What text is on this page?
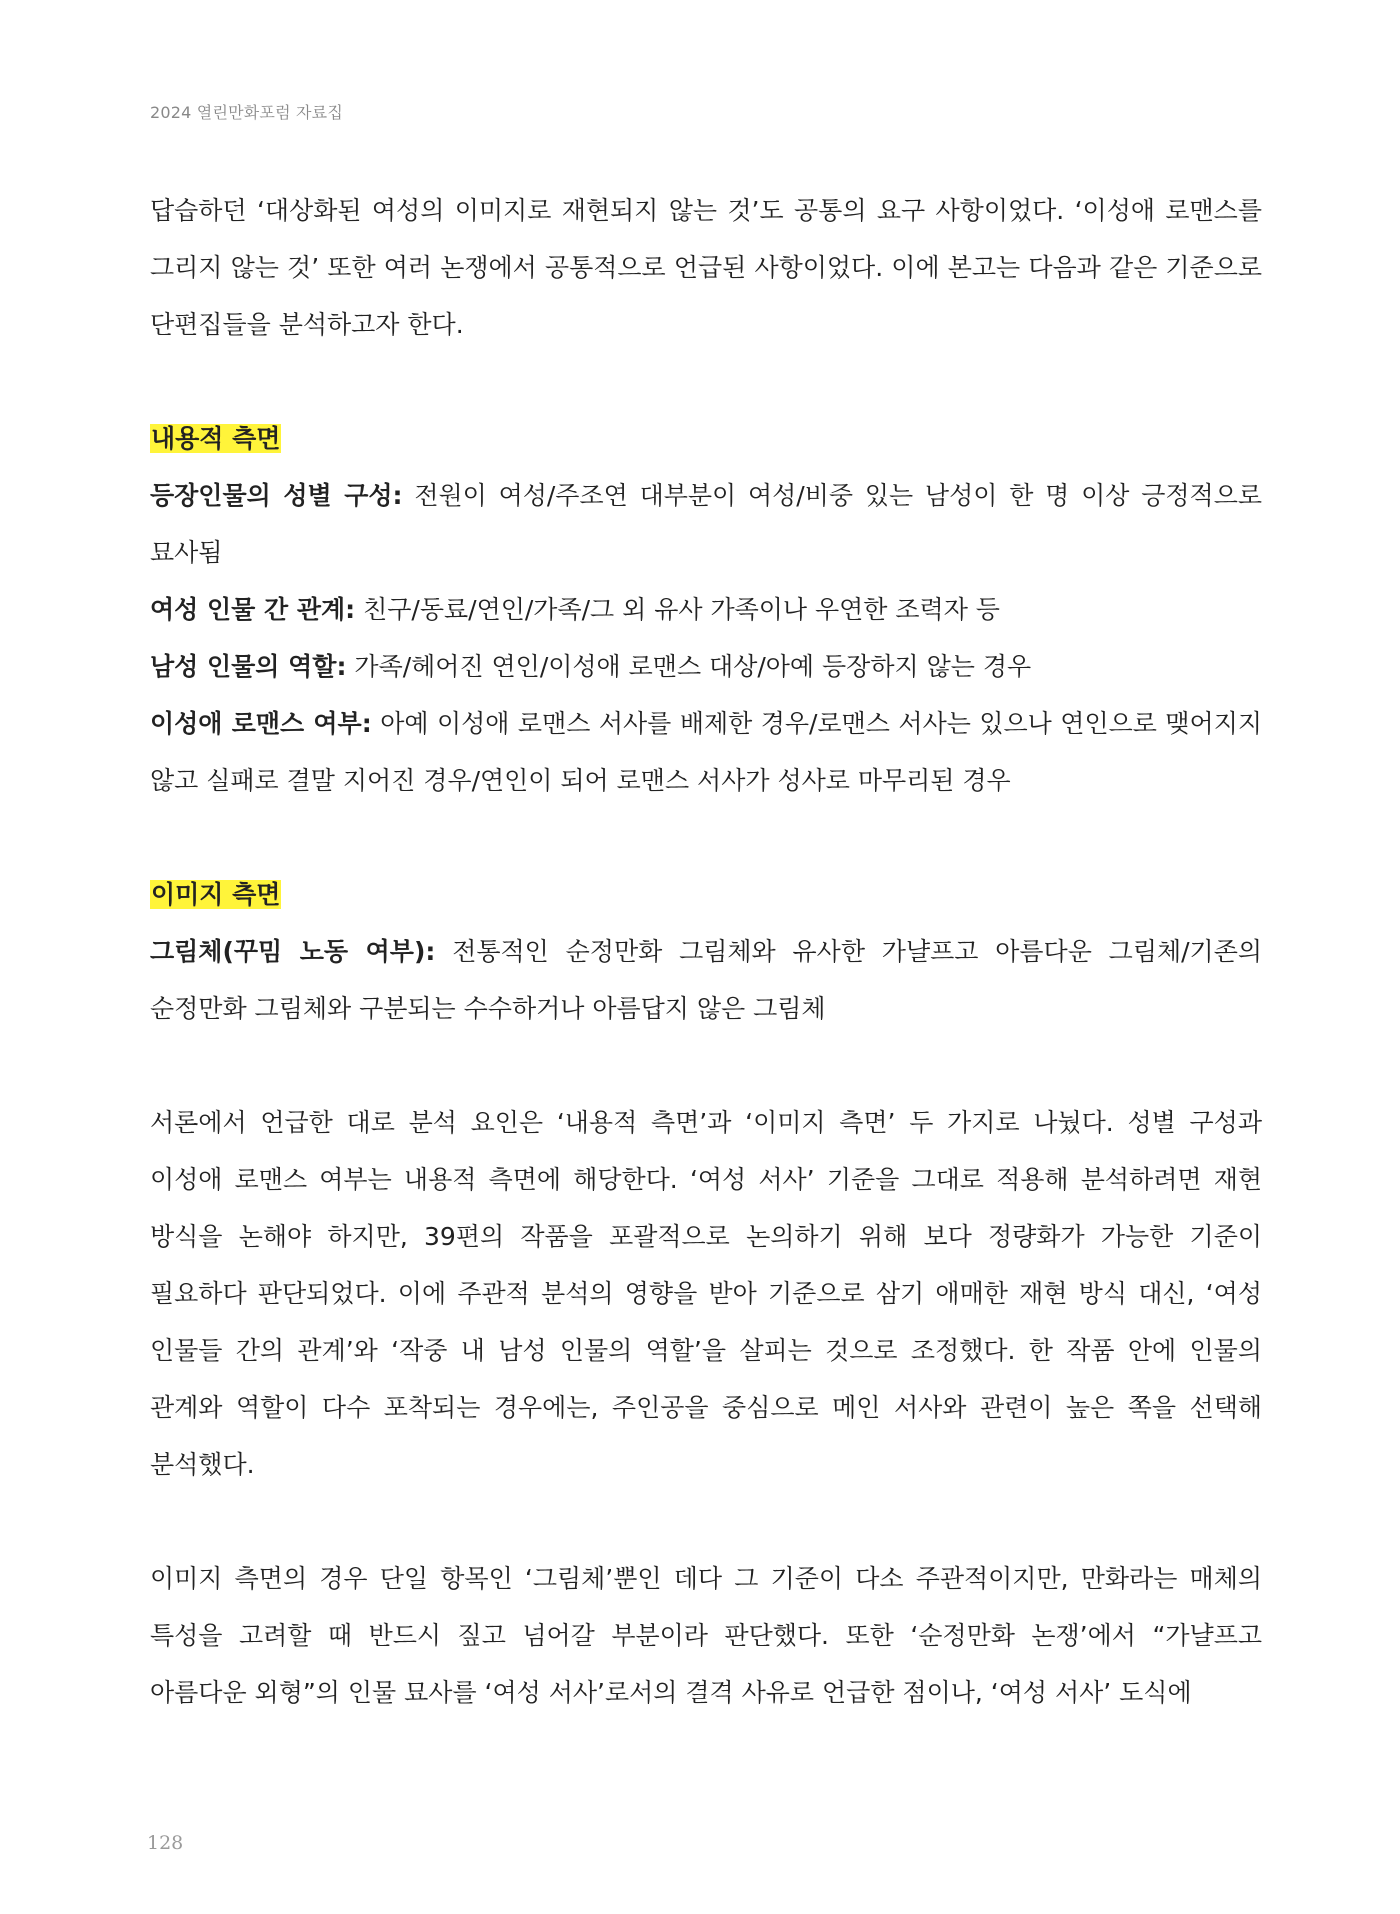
2024 열린만화포럼 자료집

답습하던 ‘대상화된 여성의 이미지로 재현되지 않는 것’도 공통의 요구 사항이었다. ‘이성애 로맨스를 그리지 않는 것’ 또한 여러 논쟁에서 공통적으로 언급된 사항이었다. 이에 본고는 다음과 같은 기준으로 단편집들을 분석하고자 한다.

내용적 측면
등장인물의 성별 구성: 전원이 여성/주조연 대부분이 여성/비중 있는 남성이 한 명 이상 긍정적으로 묘사됨
여성 인물 간 관계: 친구/동료/연인/가족/그 외 유사 가족이나 우연한 조력자 등
남성 인물의 역할: 가족/헤어진 연인/이성애 로맨스 대상/아예 등장하지 않는 경우
이성애 로맨스 여부: 아예 이성애 로맨스 서사를 배제한 경우/로맨스 서사는 있으나 연인으로 맺어지지 않고 실패로 결말 지어진 경우/연인이 되어 로맨스 서사가 성사로 마무리된 경우
이미지 측면
그림체(꾸밈 노동 여부): 전통적인 순정만화 그림체와 유사한 가냘프고 아름다운 그림체/기존의 순정만화 그림체와 구분되는 수수하거나 아름답지 않은 그림체

서론에서 언급한 대로 분석 요인은 ‘내용적 측면’과 ‘이미지 측면’ 두 가지로 나눴다. 성별 구성과 이성애 로맨스 여부는 내용적 측면에 해당한다. ‘여성 서사’ 기준을 그대로 적용해 분석하려면 재현 방식을 논해야 하지만, 39편의 작품을 포괄적으로 논의하기 위해 보다 정량화가 가능한 기준이 필요하다 판단되었다. 이에 주관적 분석의 영향을 받아 기준으로 삼기 애매한 재현 방식 대신, ‘여성 인물들 간의 관계’와 ‘작중 내 남성 인물의 역할’을 살피는 것으로 조정했다. 한 작품 안에 인물의 관계와 역할이 다수 포착되는 경우에는, 주인공을 중심으로 메인 서사와 관련이 높은 쪽을 선택해 분석했다.

이미지 측면의 경우 단일 항목인 ‘그림체’뿐인 데다 그 기준이 다소 주관적이지만, 만화라는 매체의 특성을 고려할 때 반드시 짚고 넘어갈 부분이라 판단했다. 또한 ‘순정만화 논쟁’에서 “가냘프고 아름다운 외형”의 인물 묘사를 ‘여성 서사’로서의 결격 사유로 언급한 점이나, ‘여성 서사’ 도식에

128
